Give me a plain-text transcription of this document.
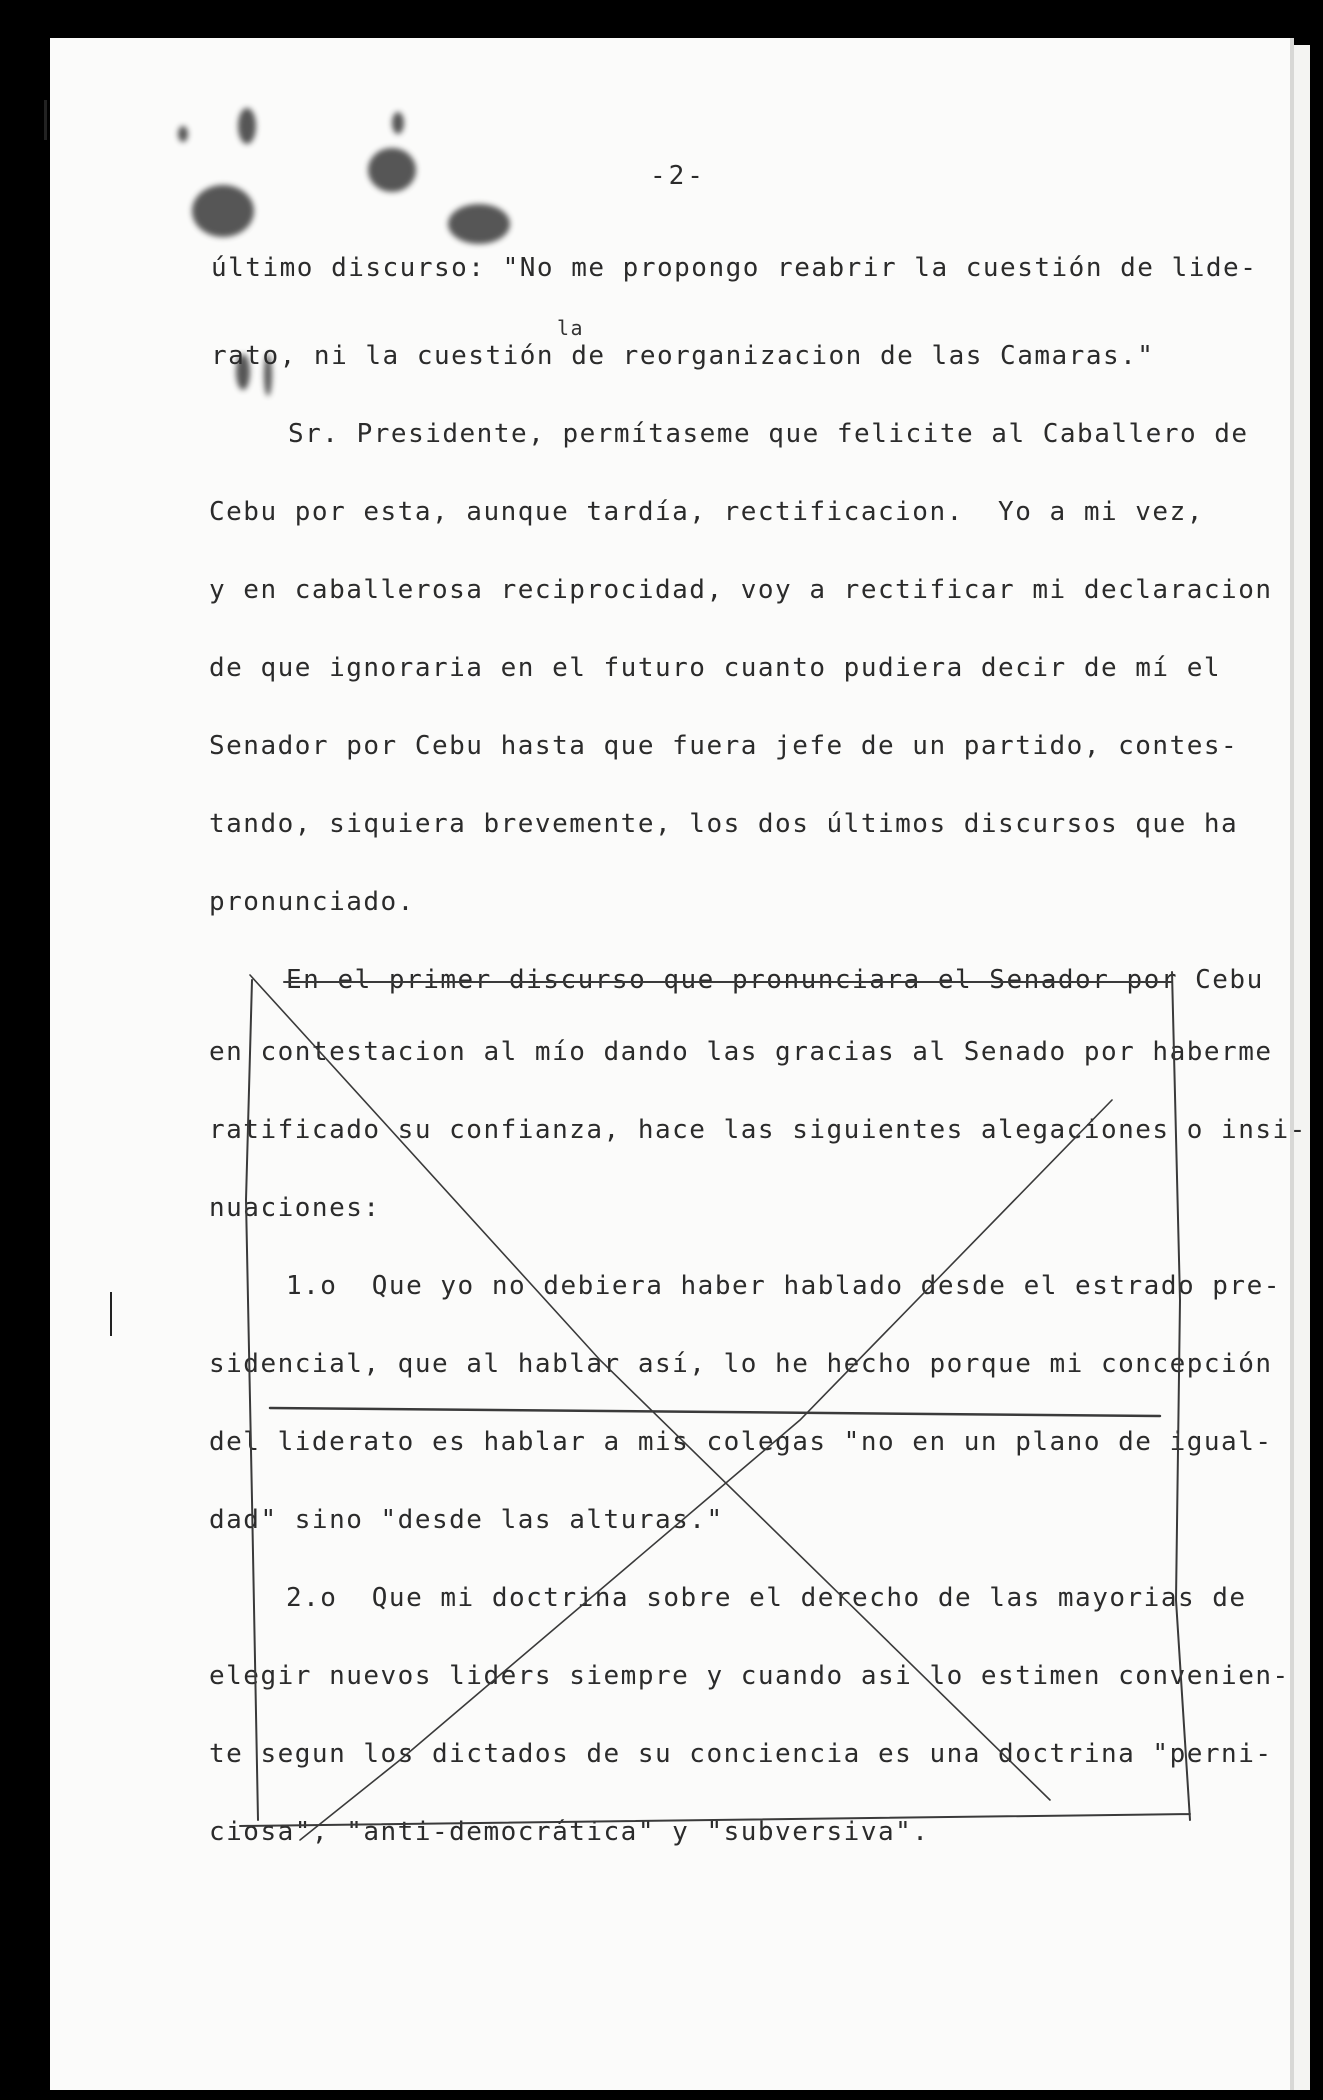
-2-

la

último discurso: "No me propongo reabrir la cuestión de lide-

rato, ni la cuestión de reorganizacion de las Camaras."

Sr. Presidente, permítaseme que felicite al Caballero de

Cebu por esta, aunque tardía, rectificacion.  Yo a mi vez,

y en caballerosa reciprocidad, voy a rectificar mi declaracion

de que ignoraria en el futuro cuanto pudiera decir de mí el

Senador por Cebu hasta que fuera jefe de un partido, contes-

tando, siquiera brevemente, los dos últimos discursos que ha

pronunciado.

En el primer discurso que pronunciara el Senador por Cebu

en contestacion al mío dando las gracias al Senado por haberme

ratificado su confianza, hace las siguientes alegaciones o insi-

nuaciones:

1.o  Que yo no debiera haber hablado desde el estrado pre-

sidencial, que al hablar así, lo he hecho porque mi concepción

del liderato es hablar a mis colegas "no en un plano de igual-

dad" sino "desde las alturas."

2.o  Que mi doctrina sobre el derecho de las mayorias de

elegir nuevos liders siempre y cuando asi lo estimen convenien-

te segun los dictados de su conciencia es una doctrina "perni-

ciosa", "anti-democrática" y "subversiva".
